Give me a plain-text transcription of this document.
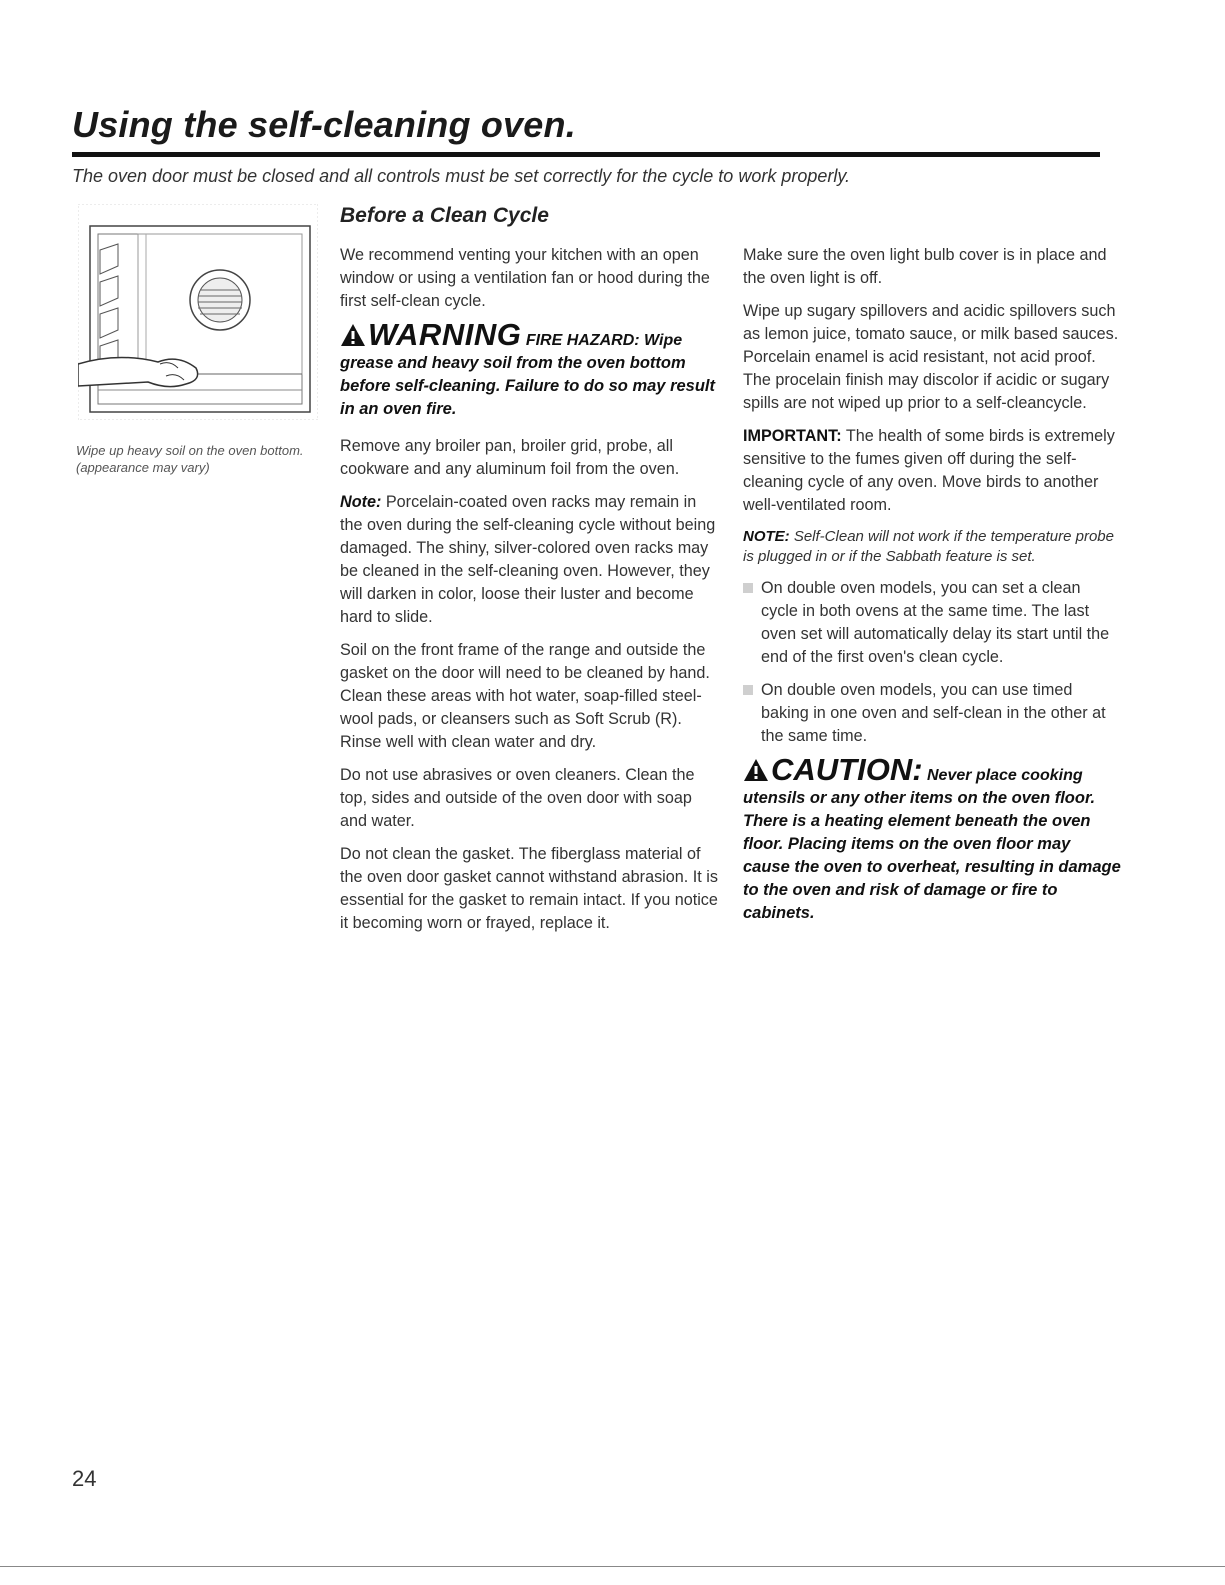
Using the self-cleaning oven.
The oven door must be closed and all controls must be set correctly for the cycle to work properly.
Wipe up heavy soil on the oven bottom. (appearance may vary)
Before a Clean Cycle

We recommend venting your kitchen with an open window or using a ventilation fan or hood during the first self-clean cycle.

WARNING FIRE HAZARD: Wipe
grease and heavy soil from the oven bottom before self-cleaning. Failure to do so may result in an oven fire.

Remove any broiler pan, broiler grid, probe, all cookware and any aluminum foil from the oven.

Note: Porcelain-coated oven racks may remain in the oven during the self-cleaning cycle without being damaged. The shiny, silver-colored oven racks may be cleaned in the self-cleaning oven. However, they will darken in color, loose their luster and become hard to slide.

Soil on the front frame of the range and outside the gasket on the door will need to be cleaned by hand. Clean these areas with hot water, soap-filled steel-wool pads, or cleansers such as Soft Scrub (R). Rinse well with clean water and dry.

Do not use abrasives or oven cleaners. Clean the top, sides and outside of the oven door with soap and water.

Do not clean the gasket. The fiberglass material of the oven door gasket cannot withstand abrasion. It is essential for the gasket to remain intact. If you notice it becoming worn or frayed, replace it.

Make sure the oven light bulb cover is in place and the oven light is off.

Wipe up sugary spillovers and acidic spillovers such as lemon juice, tomato sauce, or milk based sauces. Porcelain enamel is acid resistant, not acid proof. The procelain finish may discolor if acidic or sugary spills are not wiped up prior to a self-cleancycle.

IMPORTANT: The health of some birds is extremely sensitive to the fumes given off during the self-cleaning cycle of any oven. Move birds to another well-ventilated room.

NOTE: Self-Clean will not work if the temperature probe is plugged in or if the Sabbath feature is set.

On double oven models, you can set a clean cycle in both ovens at the same time. The last oven set will automatically delay its start until the end of the first oven's clean cycle.
On double oven models, you can use timed baking in one oven and self-clean in the other at the same time.
CAUTION: Never place cooking
utensils or any other items on the oven floor. There is a heating element beneath the oven floor. Placing items on the oven floor may cause the oven to overheat, resulting in damage to the oven and risk of damage or fire to cabinets.
24
